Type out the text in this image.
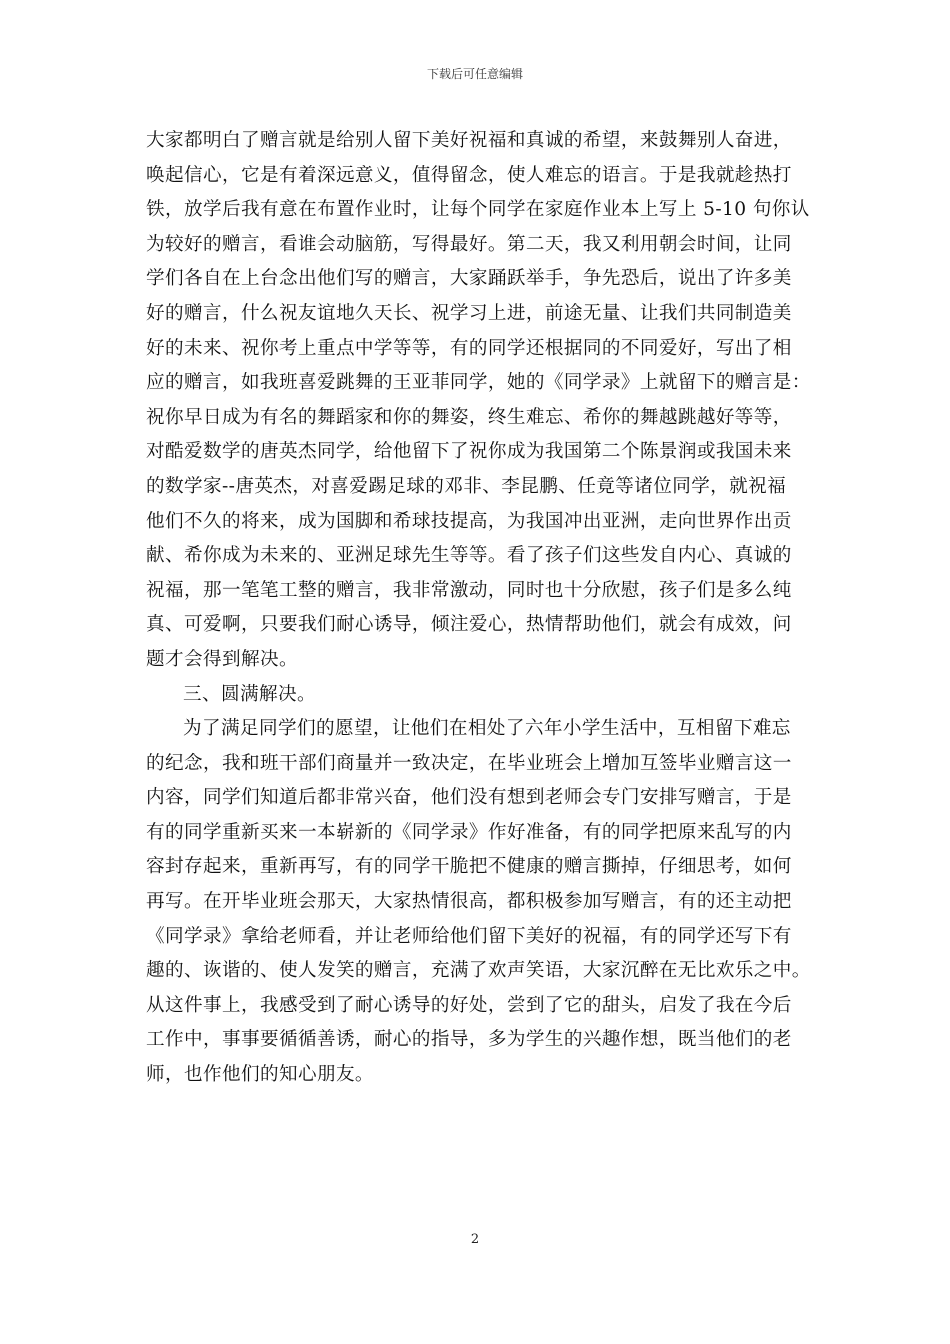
下载后可任意编辑
大家都明白了赠言就是给别人留下美好祝福和真诚的希望，来鼓舞别人奋进，
唤起信心，它是有着深远意义，值得留念，使人难忘的语言。于是我就趁热打
铁，放学后我有意在布置作业时，让每个同学在家庭作业本上写上 5-10 句你认
为较好的赠言，看谁会动脑筋，写得最好。第二天，我又利用朝会时间，让同
学们各自在上台念出他们写的赠言，大家踊跃举手，争先恐后，说出了许多美
好的赠言，什么祝友谊地久天长、祝学习上进，前途无量、让我们共同制造美
好的未来、祝你考上重点中学等等，有的同学还根据同的不同爱好，写出了相
应的赠言，如我班喜爱跳舞的王亚菲同学，她的《同学录》上就留下的赠言是：
祝你早日成为有名的舞蹈家和你的舞姿，终生难忘、希你的舞越跳越好等等，
对酷爱数学的唐英杰同学，给他留下了祝你成为我国第二个陈景润或我国未来
的数学家--唐英杰，对喜爱踢足球的邓非、李昆鹏、任竟等诸位同学，就祝福
他们不久的将来，成为国脚和希球技提高，为我国冲出亚洲，走向世界作出贡
献、希你成为未来的、亚洲足球先生等等。看了孩子们这些发自内心、真诚的
祝福，那一笔笔工整的赠言，我非常激动，同时也十分欣慰，孩子们是多么纯
真、可爱啊，只要我们耐心诱导，倾注爱心，热情帮助他们，就会有成效，问
题才会得到解决。
三、圆满解决。
为了满足同学们的愿望，让他们在相处了六年小学生活中，互相留下难忘
的纪念，我和班干部们商量并一致决定，在毕业班会上增加互签毕业赠言这一
内容，同学们知道后都非常兴奋，他们没有想到老师会专门安排写赠言，于是
有的同学重新买来一本崭新的《同学录》作好准备，有的同学把原来乱写的内
容封存起来，重新再写，有的同学干脆把不健康的赠言撕掉，仔细思考，如何
再写。在开毕业班会那天，大家热情很高，都积极参加写赠言，有的还主动把
《同学录》拿给老师看，并让老师给他们留下美好的祝福，有的同学还写下有
趣的、诙谐的、使人发笑的赠言，充满了欢声笑语，大家沉醉在无比欢乐之中。
从这件事上，我感受到了耐心诱导的好处，尝到了它的甜头，启发了我在今后
工作中，事事要循循善诱，耐心的指导，多为学生的兴趣作想，既当他们的老
师，也作他们的知心朋友。
2
